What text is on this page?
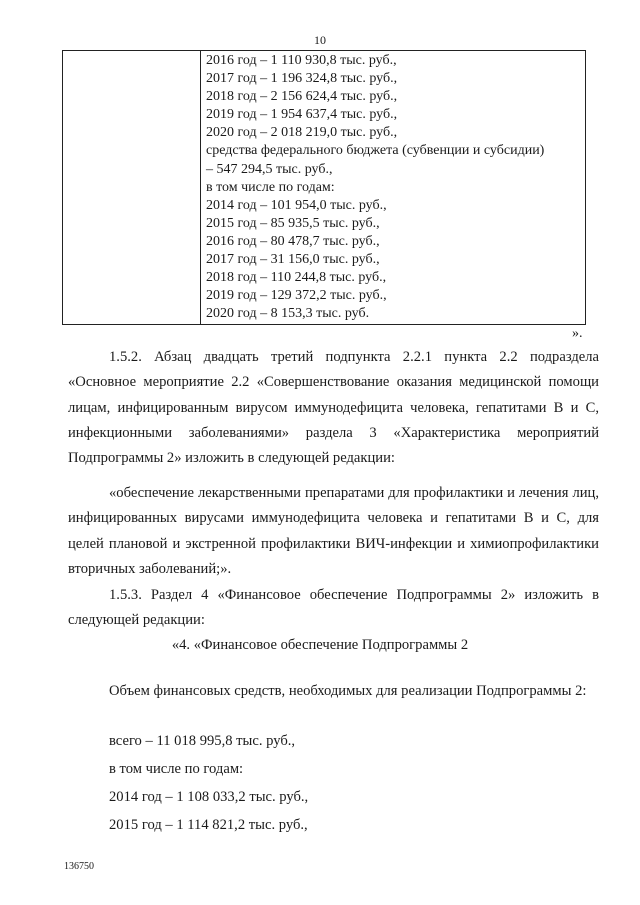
10
2016 год – 1 110 930,8 тыс. руб.,
2017 год – 1 196 324,8 тыс. руб.,
2018 год – 2 156 624,4 тыс. руб.,
2019 год – 1 954 637,4 тыс. руб.,
2020 год – 2 018 219,0 тыс. руб.,
средства федерального бюджета (субвенции и субсидии)
– 547 294,5 тыс. руб.,
в том числе по годам:
2014 год – 101 954,0 тыс. руб.,
2015 год – 85 935,5 тыс. руб.,
2016 год – 80 478,7 тыс. руб.,
2017 год – 31 156,0 тыс. руб.,
2018 год – 110 244,8 тыс. руб.,
2019 год – 129 372,2 тыс. руб.,
2020 год – 8 153,3 тыс. руб.
».
1.5.2. Абзац двадцать третий подпункта 2.2.1 пункта 2.2 подраздела «Основное мероприятие 2.2 «Совершенствование оказания медицинской помощи лицам, инфицированным вирусом иммунодефицита человека, гепатитами В и С, инфекционными заболеваниями» раздела 3 «Характеристика мероприятий Подпрограммы 2» изложить в следующей редакции:
«обеспечение лекарственными препаратами для профилактики и лечения лиц, инфицированных вирусами иммунодефицита человека и гепатитами В и С, для целей плановой и экстренной профилактики ВИЧ-инфекции и химиопрофилактики вторичных заболеваний;».
1.5.3. Раздел 4 «Финансовое обеспечение Подпрограммы 2» изложить в следующей редакции:
«4. «Финансовое обеспечение Подпрограммы 2
Объем финансовых средств, необходимых для реализации Подпрограммы 2:
всего – 11 018 995,8 тыс. руб.,
в том числе по годам:
2014 год – 1 108 033,2 тыс. руб.,
2015 год – 1 114 821,2 тыс. руб.,
136750
